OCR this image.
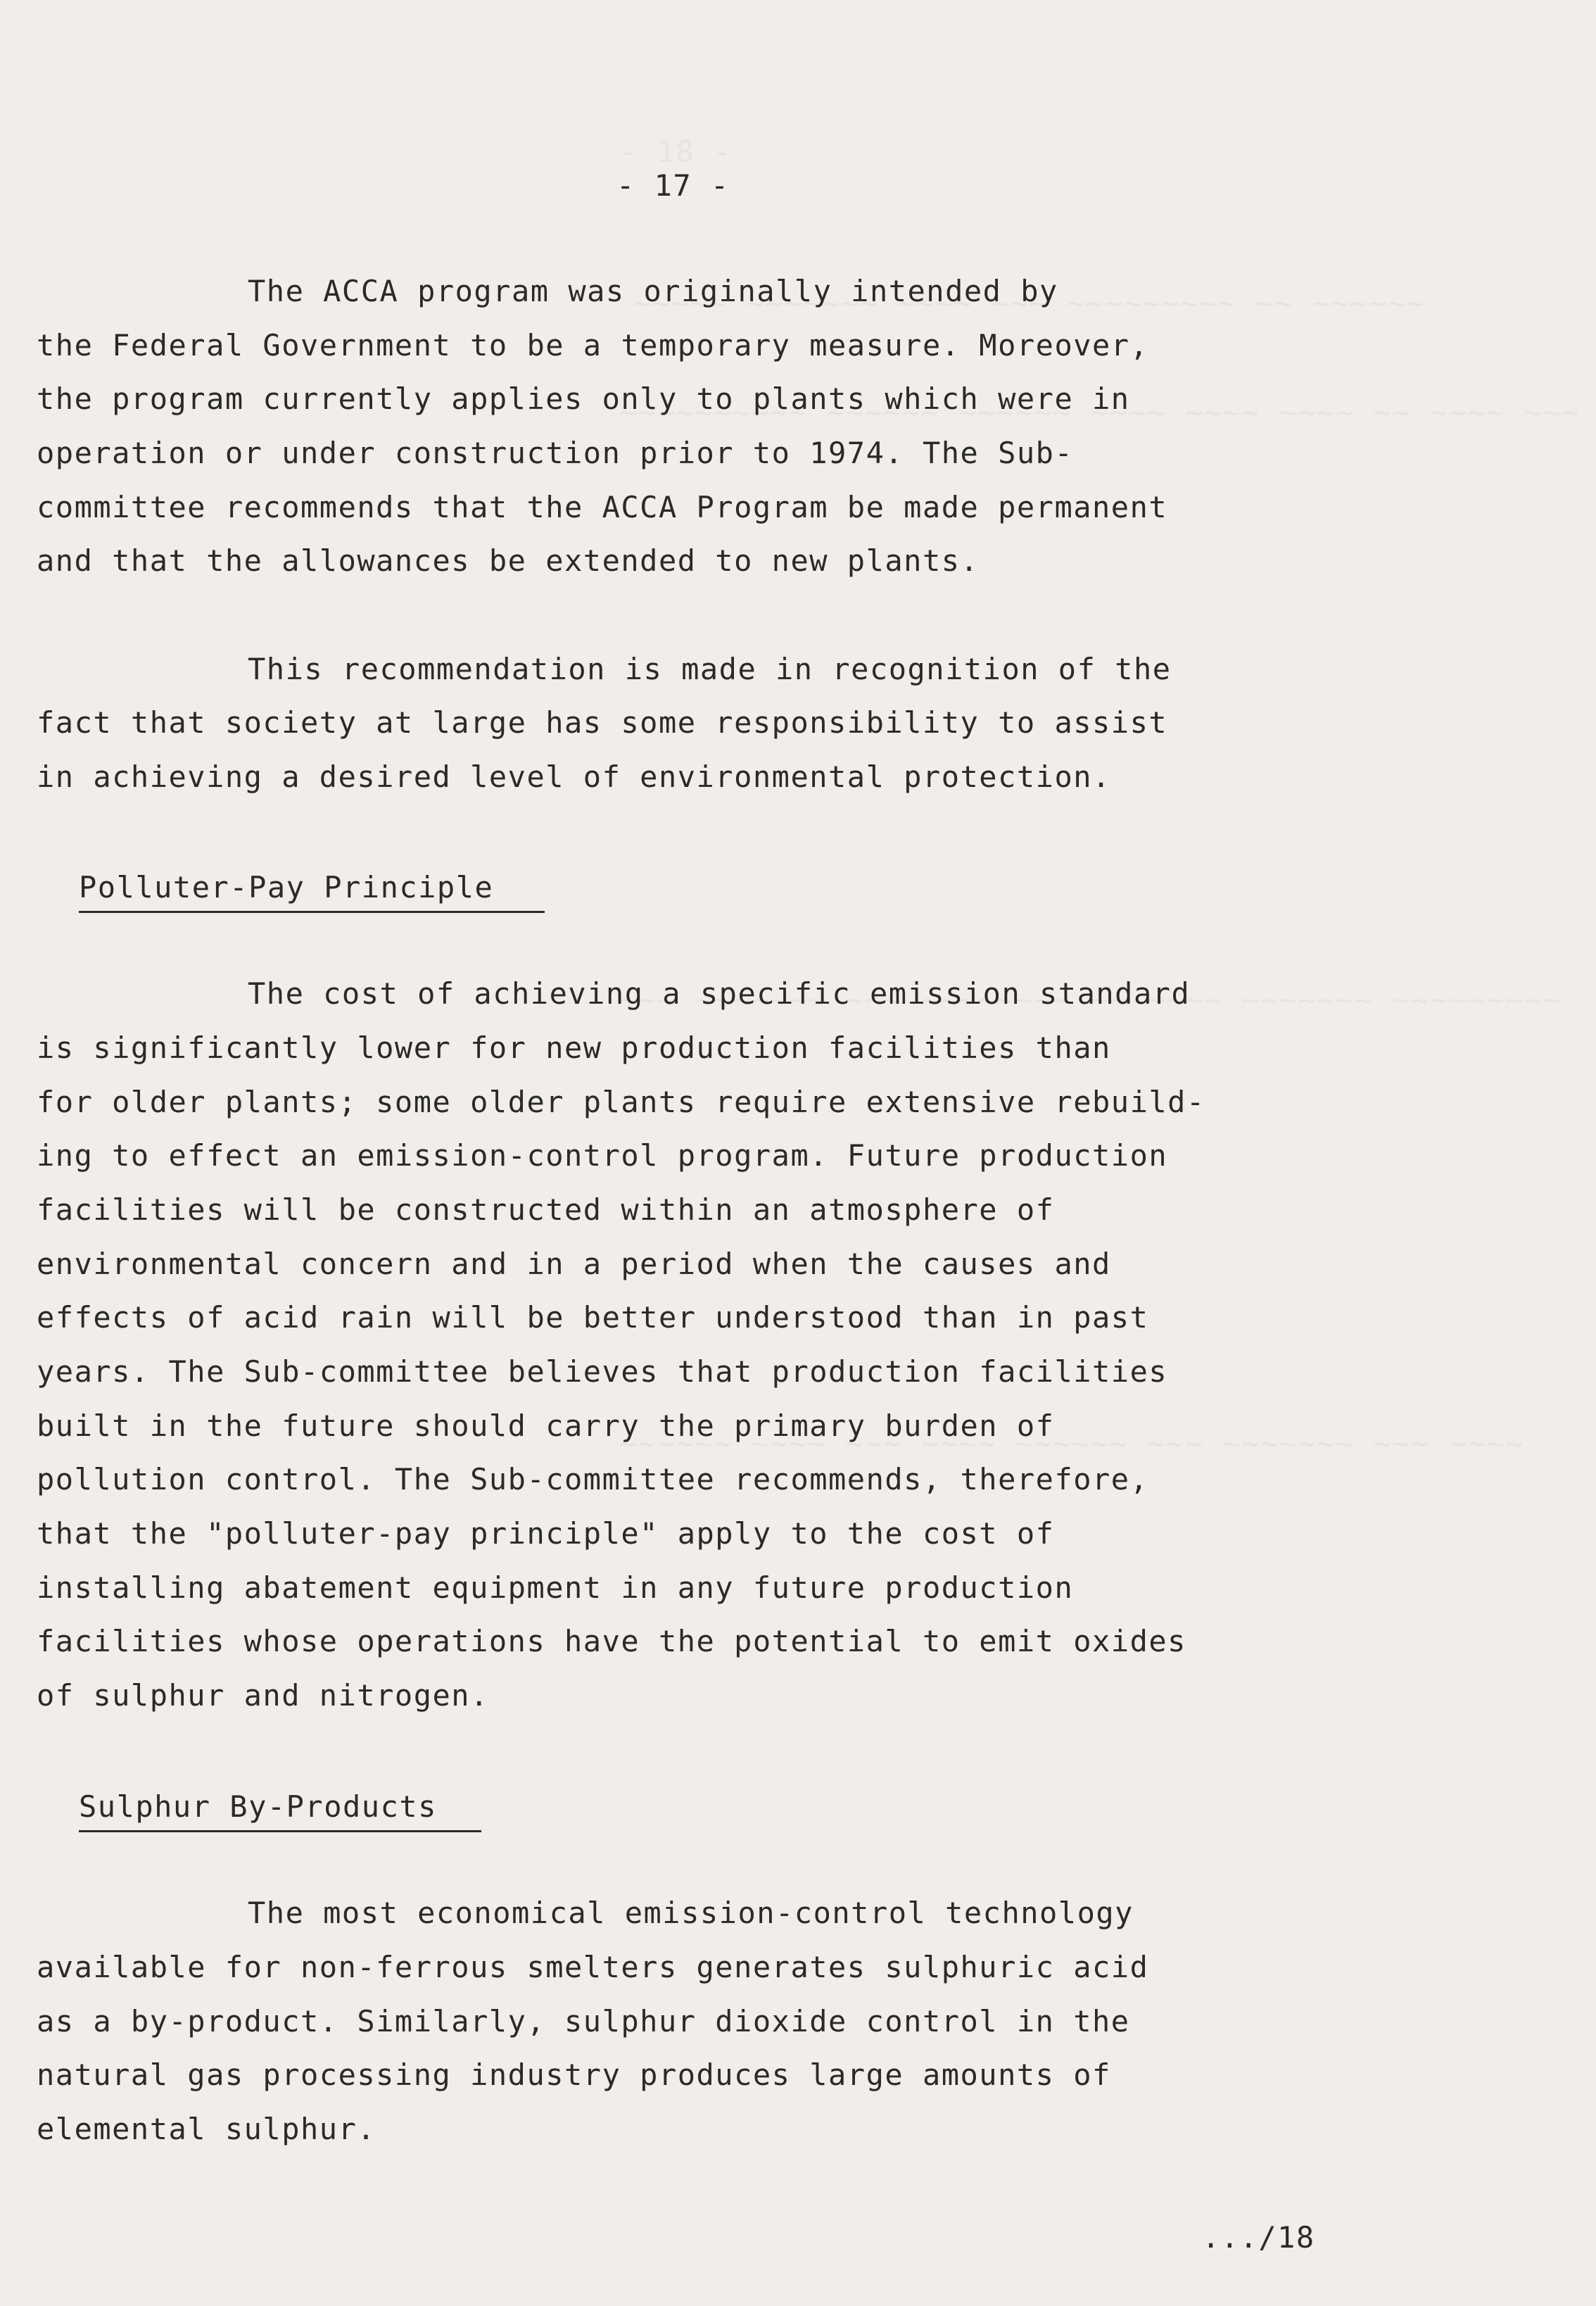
- 17 -
The ACCA program was originally intended by
the Federal Government to be a temporary measure. Moreover,
the program currently applies only to plants which were in
operation or under construction prior to 1974. The Sub-
committee recommends that the ACCA Program be made permanent
and that the allowances be extended to new plants.
This recommendation is made in recognition of the
fact that society at large has some responsibility to assist
in achieving a desired level of environmental protection.
Polluter-Pay Principle
The cost of achieving a specific emission standard
is significantly lower for new production facilities than
for older plants; some older plants require extensive rebuild-
ing to effect an emission-control program. Future production
facilities will be constructed within an atmosphere of
environmental concern and in a period when the causes and
effects of acid rain will be better understood than in past
years. The Sub-committee believes that production facilities
built in the future should carry the primary burden of
pollution control. The Sub-committee recommends, therefore,
that the "polluter-pay principle" apply to the cost of
installing abatement equipment in any future production
facilities whose operations have the potential to emit oxides
of sulphur and nitrogen.
Sulphur By-Products
The most economical emission-control technology
available for non-ferrous smelters generates sulphuric acid
as a by-product. Similarly, sulphur dioxide control in the
natural gas processing industry produces large amounts of
elemental sulphur.
.../18
